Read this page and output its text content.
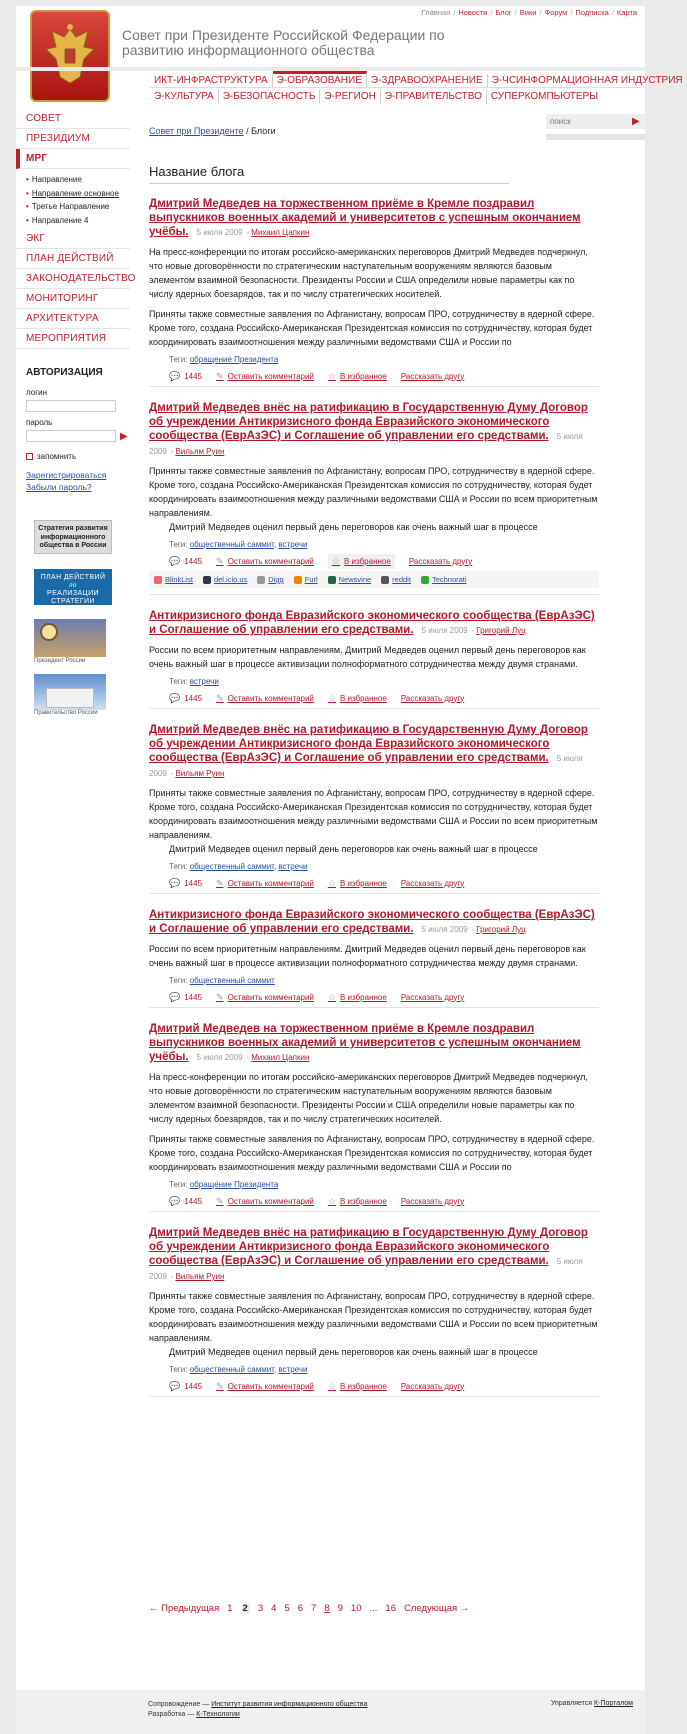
Совет при Президенте Российской Федерации по развитию информационного общества
Главная / Новости / Блог / Вики / Форум / Подписка / Карта
ИКТ-ИНФРАСТРУКТУРА Э-ОБРАЗОВАНИЕ Э-ЗДРАВООХРАНЕНИЕ Э-ЧСИНФОРМАЦИОННАЯ ИНДУСТРИЯ
Э-КУЛЬТУРА Э-БЕЗОПАСНОСТЬ Э-РЕГИОН Э-ПРАВИТЕЛЬСТВО СУПЕРКОМПЬЮТЕРЫ
СОВЕТ
ПРЕЗИДИУМ
МРГ
• Направление
• Направление основное
• Третье Направление
• Направление 4
ЭКГ
ПЛАН ДЕЙСТВИЙ
ЗАКОНОДАТЕЛЬСТВО
МОНИТОРИНГ
АРХИТЕКТУРА
МЕРОПРИЯТИЯ
АВТОРИЗАЦИЯ
логин
пароль
▶
запомнить
Зарегистрироваться
Забыли пароль?
Стратегия развития информационного общества в России
ПЛАН ДЕЙСТВИЙ
по
РЕАЛИЗАЦИИ СТРАТЕГИИ
Президент России
Правительство России
поиск
▶
Совет при Президенте / Блоги
Название блога
Дмитрий Медведев на торжественном приёме в Кремле поздравил выпускников военных академий и университетов с успешным окончанием учёбы. 5 июля 2009 - Михаил Цапкин

На пресс-конференции по итогам российско-американских переговоров Дмитрий Медведев подчеркнул, что новые договорённости по стратегическим наступательным вооружениям являются базовым элементом взаимной безопасности. Президенты России и США определили новые параметры как по числу ядерных боезарядов, так и по числу стратегических носителей.

Приняты также совместные заявления по Афганистану, вопросам ПРО, сотрудничеству в ядерной сфере. Кроме того, создана Российско-Американская Президентская комиссия по сотрудничеству, которая будет координировать взаимоотношения между различными ведомствами США и России по

Теги: обращение Президента
💬 1445 ✎ Оставить комментарий ☆ В избранное Рассказать другу
Дмитрий Медведев внёс на ратификацию в Государственную Думу Договор об учреждении Антикризисного фонда Евразийского экономического сообщества (ЕврАзЭС) и Соглашение об управлении его средствами. 5 июля 2009 - Вильям Руин

Приняты также совместные заявления по Афганистану, вопросам ПРО, сотрудничеству в ядерной сфере. Кроме того, создана Российско-Американская Президентская комиссия по сотрудничеству, которая будет координировать взаимоотношения между различными ведомствами США и России по всем приоритетным направлениям.

Дмитрий Медведев оценил первый день переговоров как очень важный шаг в процессе

Теги: общественный саммит, встречи
💬 1445 ✎ Оставить комментарий ☆ В избранное Рассказать другу
BlinkList	del.icio.us	Digg	Furl	Newsvine	reddit	Technorati
Антикризисного фонда Евразийского экономического сообщества (ЕврАзЭС) и Соглашение об управлении его средствами. 5 июля 2009 - Григорий Луц

России по всем приоритетным направлениям. Дмитрий Медведев оценил первый день переговоров как очень важный шаг в процессе активизации полноформатного сотрудничества между двумя странами.

Теги: встречи
💬 1445 ✎ Оставить комментарий ☆ В избранное Рассказать другу
Дмитрий Медведев внёс на ратификацию в Государственную Думу Договор об учреждении Антикризисного фонда Евразийского экономического сообщества (ЕврАзЭС) и Соглашение об управлении его средствами. 5 июля 2009 - Вильям Руин

Приняты также совместные заявления по Афганистану, вопросам ПРО, сотрудничеству в ядерной сфере. Кроме того, создана Российско-Американская Президентская комиссия по сотрудничеству, которая будет координировать взаимоотношения между различными ведомствами США и России по всем приоритетным направлениям.

Дмитрий Медведев оценил первый день переговоров как очень важный шаг в процессе

Теги: общественный саммит, встречи
💬 1445 ✎ Оставить комментарий ☆ В избранное Рассказать другу
Антикризисного фонда Евразийского экономического сообщества (ЕврАзЭС) и Соглашение об управлении его средствами. 5 июля 2009 - Григорий Луц

России по всем приоритетным направлениям. Дмитрий Медведев оценил первый день переговоров как очень важный шаг в процессе активизации полноформатного сотрудничества между двумя странами.

Теги: общественный саммит
💬 1445 ✎ Оставить комментарий ☆ В избранное Рассказать другу
Дмитрий Медведев на торжественном приёме в Кремле поздравил выпускников военных академий и университетов с успешным окончанием учёбы. 5 июля 2009 - Михаил Цапкин

На пресс-конференции по итогам российско-американских переговоров Дмитрий Медведев подчеркнул, что новые договорённости по стратегическим наступательным вооружениям являются базовым элементом взаимной безопасности. Президенты России и США определили новые параметры как по числу ядерных боезарядов, так и по числу стратегических носителей.

Приняты также совместные заявления по Афганистану, вопросам ПРО, сотрудничеству в ядерной сфере. Кроме того, создана Российско-Американская Президентская комиссия по сотрудничеству, которая будет координировать взаимоотношения между различными ведомствами США и России по

Теги: обращение Президента
💬 1445 ✎ Оставить комментарий ☆ В избранное Рассказать другу
Дмитрий Медведев внёс на ратификацию в Государственную Думу Договор об учреждении Антикризисного фонда Евразийского экономического сообщества (ЕврАзЭС) и Соглашение об управлении его средствами. 5 июля 2009 - Вильям Руин

Приняты также совместные заявления по Афганистану, вопросам ПРО, сотрудничеству в ядерной сфере. Кроме того, создана Российско-Американская Президентская комиссия по сотрудничеству, которая будет координировать взаимоотношения между различными ведомствами США и России по всем приоритетным направлениям.

Дмитрий Медведев оценил первый день переговоров как очень важный шаг в процессе

Теги: общественный саммит, встречи
💬 1445 ✎ Оставить комментарий ☆ В избранное Рассказать другу
← Предыдущая 1 2 3 4 5 6 7 8 9 10 ... 16 Следующая →
Сопровождение — Институт развития информационного общества
Разработка — К-Технологии
Управляется К-Порталом
